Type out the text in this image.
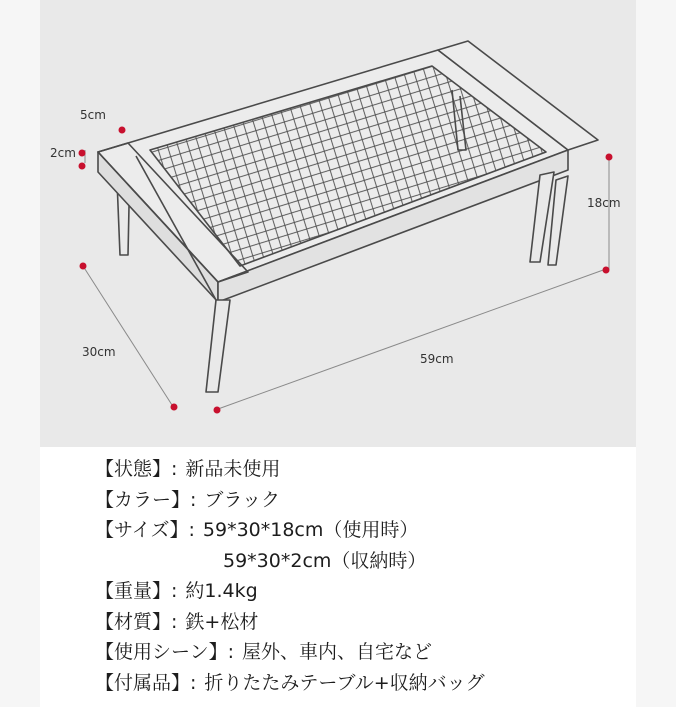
5cm
2cm
18cm
30cm	59cm
【状態】: 新品未使用
【カラー】: ブラック
【サイズ】: 59*30*18cm（使用時）
59*30*2cm（収納時）
【重量】: 約1.4kg
【材質】: 鉄+松材
【使用シーン】: 屋外、車内、自宅など
【付属品】: 折りたたみテーブル+収納バッグ
